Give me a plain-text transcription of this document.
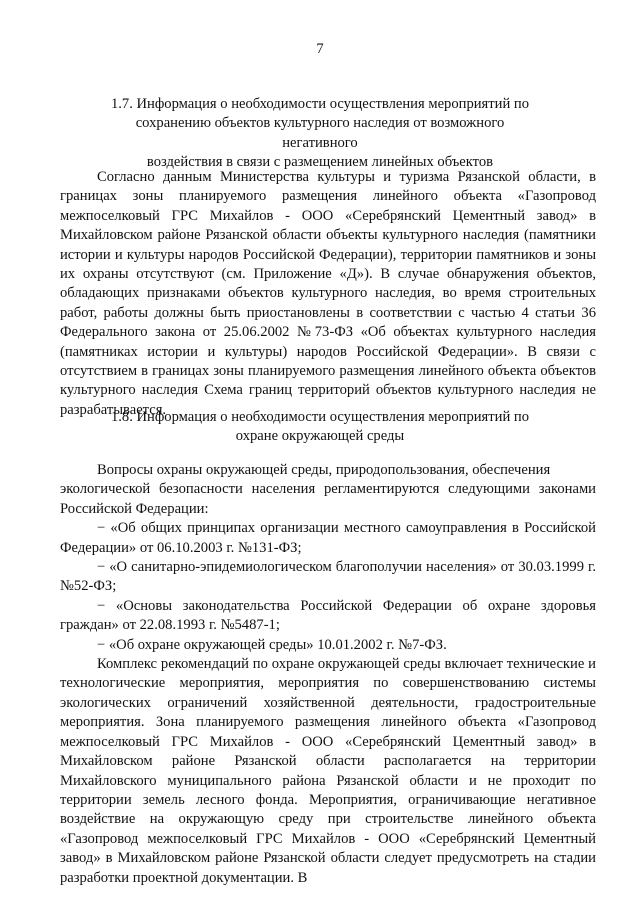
7
1.7. Информация о необходимости осуществления мероприятий по
сохранению объектов культурного наследия от возможного негативного
воздействия в связи с размещением линейных объектов

Согласно данным Министерства культуры и туризма Рязанской области, в границах зоны планируемого размещения линейного объекта «Газопровод межпоселковый ГРС Михайлов - ООО «Серебрянский Цементный завод» в Михайловском районе Рязанской области объекты культурного наследия (памятники истории и культуры народов Российской Федерации), территории памятников и зоны их охраны отсутствуют (см. Приложение «Д»). В случае обнаружения объектов, обладающих признаками объектов культурного наследия, во время строительных работ, работы должны быть приостановлены в соответствии с частью 4 статьи 36 Федерального закона от 25.06.2002 №73-ФЗ «Об объектах культурного наследия (памятниках истории и культуры) народов Российской Федерации». В связи с отсутствием в границах зоны планируемого размещения линейного объекта объектов культурного наследия Схема границ территорий объектов культурного наследия не разрабатывается.

1.8. Информация о необходимости осуществления мероприятий по
охране окружающей среды

Вопросы охраны окружающей среды, природопользования, обеспечения

экологической безопасности населения регламентируются следующими законами Российской Федерации:

− «Об общих принципах организации местного самоуправления в Российской Федерации» от 06.10.2003 г. №131-ФЗ;

− «О санитарно-эпидемиологическом благополучии населения» от 30.03.1999 г. №52-ФЗ;

− «Основы законодательства Российской Федерации об охране здоровья граждан» от 22.08.1993 г. №5487-1;

− «Об охране окружающей среды» 10.01.2002 г. №7-ФЗ.

Комплекс рекомендаций по охране окружающей среды включает технические и технологические мероприятия, мероприятия по совершенствованию системы экологических ограничений хозяйственной деятельности, градостроительные мероприятия. Зона планируемого размещения линейного объекта «Газопровод межпоселковый ГРС Михайлов - ООО «Серебрянский Цементный завод» в Михайловском районе Рязанской области располагается на территории Михайловского муниципального района Рязанской области и не проходит по территории земель лесного фонда. Мероприятия, ограничивающие негативное воздействие на окружающую среду при строительстве линейного объекта «Газопровод межпоселковый ГРС Михайлов - ООО «Серебрянский Цементный завод» в Михайловском районе Рязанской области следует предусмотреть на стадии разработки проектной документации. В
